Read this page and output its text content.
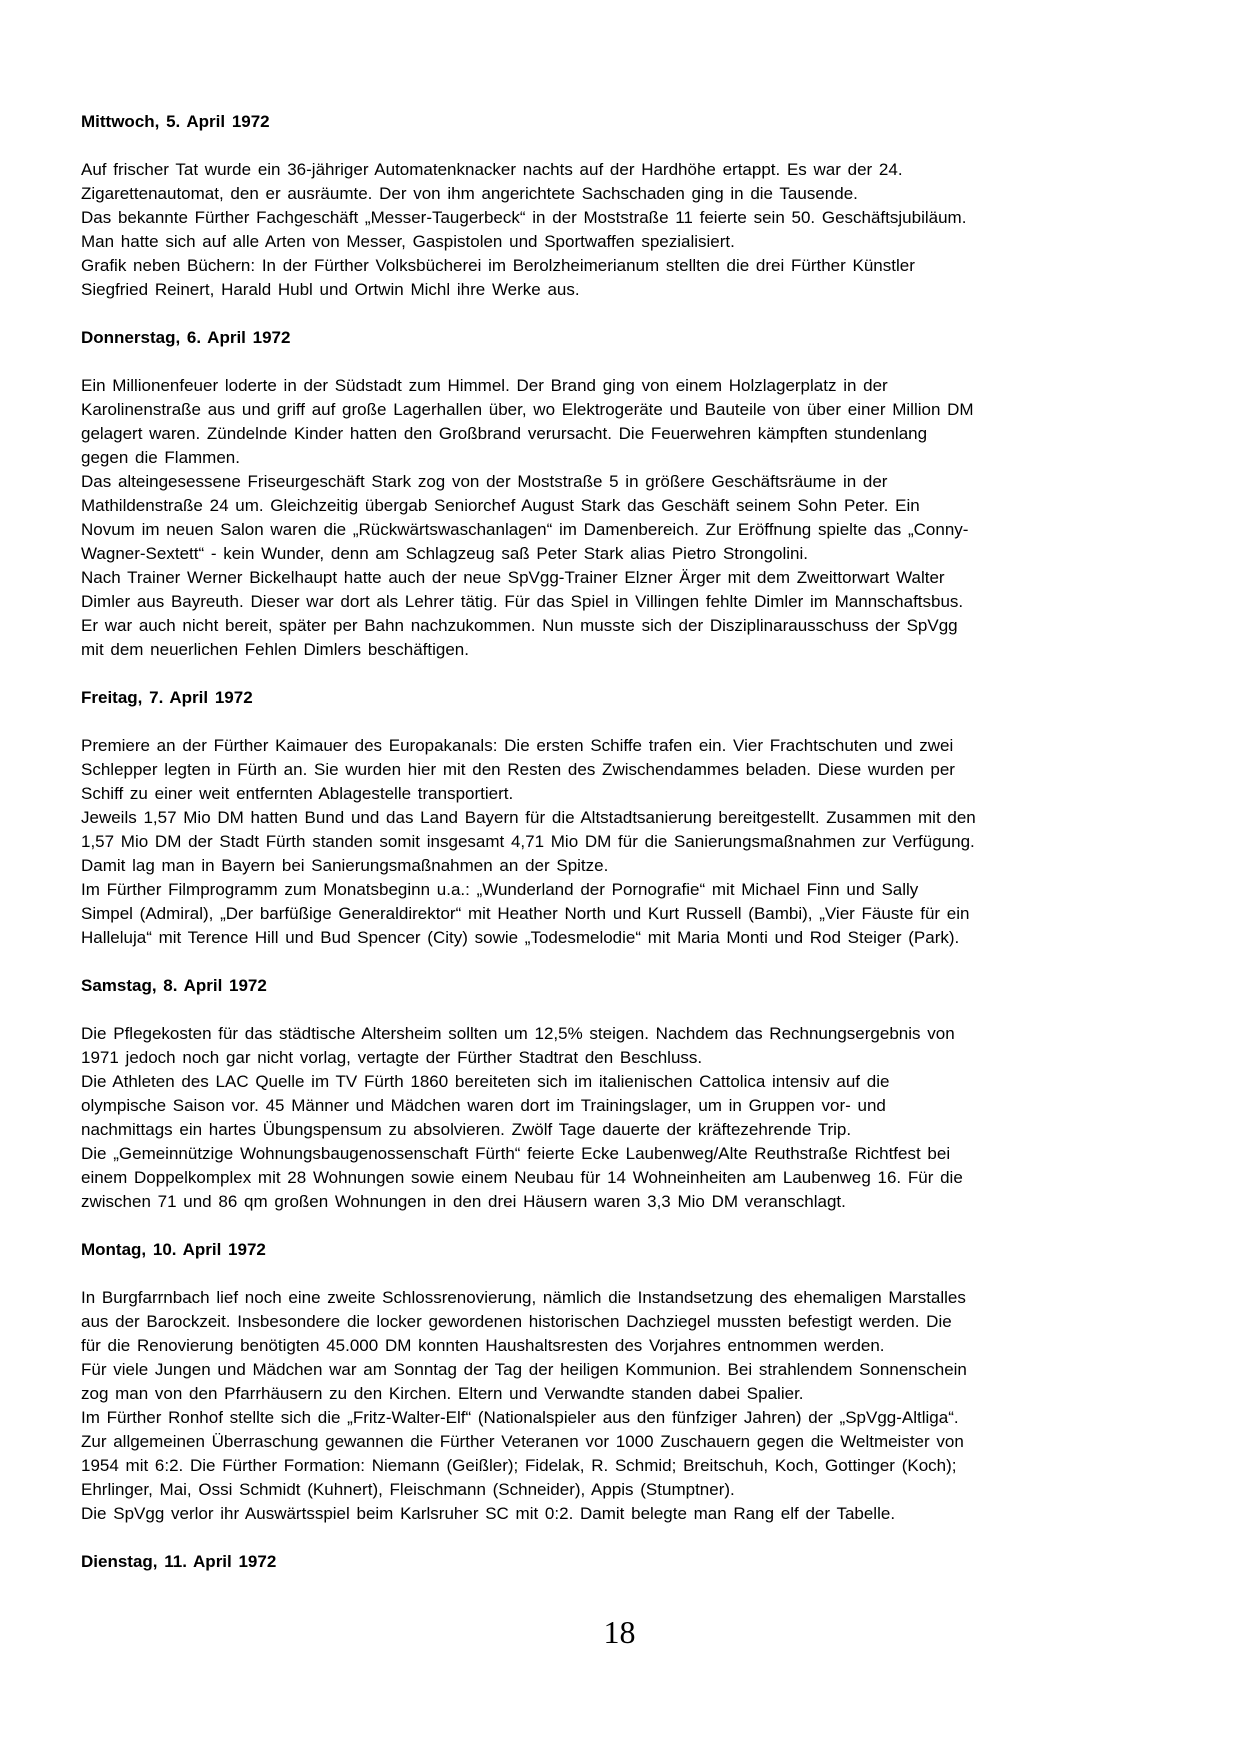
Mittwoch, 5. April 1972
Auf frischer Tat wurde ein 36-jähriger Automatenknacker nachts auf der Hardhöhe ertappt. Es war der 24.
Zigarettenautomat, den er ausräumte. Der von ihm angerichtete Sachschaden ging in die Tausende.
Das bekannte Fürther Fachgeschäft „Messer-Taugerbeck“ in der Moststraße 11 feierte sein 50. Geschäftsjubiläum.
Man hatte sich auf alle Arten von Messer, Gaspistolen und Sportwaffen spezialisiert.
Grafik neben Büchern: In der Fürther Volksbücherei im Berolzheimerianum stellten die drei Fürther Künstler
Siegfried Reinert, Harald Hubl und Ortwin Michl ihre Werke aus.
Donnerstag, 6. April 1972
Ein Millionenfeuer loderte in der Südstadt zum Himmel. Der Brand ging von einem Holzlagerplatz in der
Karolinenstraße aus und griff auf große Lagerhallen über, wo Elektrogeräte und Bauteile von über einer Million DM
gelagert waren. Zündelnde Kinder hatten den Großbrand verursacht. Die Feuerwehren kämpften stundenlang
gegen die Flammen.
Das alteingesessene Friseurgeschäft Stark zog von der Moststraße 5 in größere Geschäftsräume in der
Mathildenstraße 24 um. Gleichzeitig übergab Seniorchef August Stark das Geschäft seinem Sohn Peter. Ein
Novum im neuen Salon waren die „Rückwärtswaschanlagen“ im Damenbereich. Zur Eröffnung spielte das „Conny-
Wagner-Sextett“ - kein Wunder, denn am Schlagzeug saß Peter Stark alias Pietro Strongolini.
Nach Trainer Werner Bickelhaupt hatte auch der neue SpVgg-Trainer Elzner Ärger mit dem Zweittorwart Walter
Dimler aus Bayreuth. Dieser war dort als Lehrer tätig. Für das Spiel in Villingen fehlte Dimler im Mannschaftsbus.
Er war auch nicht bereit, später per Bahn nachzukommen. Nun musste sich der Disziplinarausschuss der SpVgg
mit dem neuerlichen Fehlen Dimlers beschäftigen.
Freitag, 7. April 1972
Premiere an der Fürther Kaimauer des Europakanals: Die ersten Schiffe trafen ein. Vier Frachtschuten und zwei
Schlepper legten in Fürth an. Sie wurden hier mit den Resten des Zwischendammes beladen. Diese wurden per
Schiff zu einer weit entfernten Ablagestelle transportiert.
Jeweils 1,57 Mio DM hatten Bund und das Land Bayern für die Altstadtsanierung bereitgestellt. Zusammen mit den
1,57 Mio DM der Stadt Fürth standen somit insgesamt 4,71 Mio DM für die Sanierungsmaßnahmen zur Verfügung.
Damit lag man in Bayern bei Sanierungsmaßnahmen an der Spitze.
Im Fürther Filmprogramm zum Monatsbeginn u.a.: „Wunderland der Pornografie“ mit Michael Finn und Sally
Simpel (Admiral), „Der barfüßige Generaldirektor“ mit Heather North und Kurt Russell (Bambi), „Vier Fäuste für ein
Halleluja“ mit Terence Hill und Bud Spencer (City) sowie „Todesmelodie“ mit Maria Monti und Rod Steiger (Park).
Samstag, 8. April 1972
Die Pflegekosten für das städtische Altersheim sollten um 12,5% steigen. Nachdem das Rechnungsergebnis von
1971 jedoch noch gar nicht vorlag, vertagte der Fürther Stadtrat den Beschluss.
Die Athleten des LAC Quelle im TV Fürth 1860 bereiteten sich im italienischen Cattolica intensiv auf die
olympische Saison vor. 45 Männer und Mädchen waren dort im Trainingslager, um in Gruppen vor- und
nachmittags ein hartes Übungspensum zu absolvieren. Zwölf Tage dauerte der kräftezehrende Trip.
Die „Gemeinnützige Wohnungsbaugenossenschaft Fürth“ feierte Ecke Laubenweg/Alte Reuthstraße Richtfest bei
einem Doppelkomplex mit 28 Wohnungen sowie einem Neubau für 14 Wohneinheiten am Laubenweg 16. Für die
zwischen 71 und 86 qm großen Wohnungen in den drei Häusern waren 3,3 Mio DM veranschlagt.
Montag, 10. April 1972
In Burgfarrnbach lief noch eine zweite Schlossrenovierung, nämlich die Instandsetzung des ehemaligen Marstalles
aus der Barockzeit. Insbesondere die locker gewordenen historischen Dachziegel mussten befestigt werden. Die
für die Renovierung benötigten 45.000 DM konnten Haushaltsresten des Vorjahres entnommen werden.
Für viele Jungen und Mädchen war am Sonntag der Tag der heiligen Kommunion. Bei strahlendem Sonnenschein
zog man von den Pfarrhäusern zu den Kirchen. Eltern und Verwandte standen dabei Spalier.
Im Fürther Ronhof stellte sich die „Fritz-Walter-Elf“ (Nationalspieler aus den fünfziger Jahren) der „SpVgg-Altliga“.
Zur allgemeinen Überraschung gewannen die Fürther Veteranen vor 1000 Zuschauern gegen die Weltmeister von
1954 mit 6:2. Die Fürther Formation: Niemann (Geißler); Fidelak, R. Schmid; Breitschuh, Koch, Gottinger (Koch);
Ehrlinger, Mai, Ossi Schmidt (Kuhnert), Fleischmann (Schneider), Appis (Stumptner).
Die SpVgg verlor ihr Auswärtsspiel beim Karlsruher SC mit 0:2. Damit belegte man Rang elf der Tabelle.
Dienstag, 11. April 1972
18
